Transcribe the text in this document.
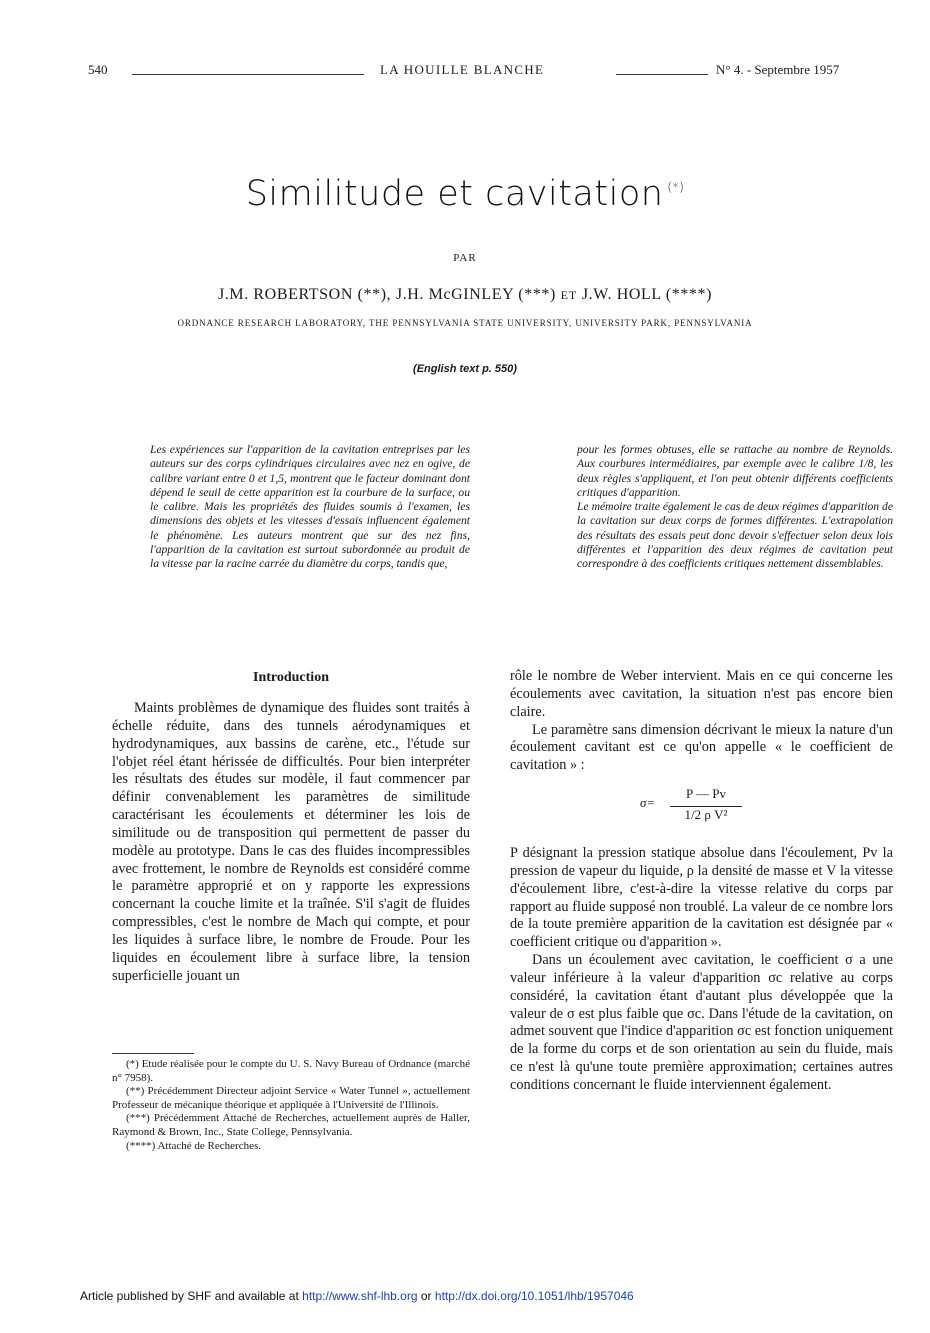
540	LA HOUILLE BLANCHE	N° 4. - Septembre 1957
Similitude et cavitation (*)
PAR
J.M. ROBERTSON (**), J.H. McGINLEY (***) ET J.W. HOLL (****)
ORDNANCE RESEARCH LABORATORY, THE PENNSYLVANIA STATE UNIVERSITY, UNIVERSITY PARK, PENNSYLVANIA
(English text p. 550)

Les expériences sur l'apparition de la cavitation entreprises par les auteurs sur des corps cylindriques circulaires avec nez en ogive, de calibre variant entre 0 et 1,5, montrent que le facteur dominant dont dépend le seuil de cette apparition est la courbure de la surface, ou le calibre. Mais les propriétés des fluides soumis à l'examen, les dimensions des objets et les vitesses d'essais influencent également le phénomène. Les auteurs montrent que sur des nez fins, l'apparition de la cavitation est surtout subordonnée au produit de la vitesse par la racine carrée du diamètre du corps, tandis que,

pour les formes obtuses, elle se rattache au nombre de Reynolds. Aux courbures intermédiaires, par exemple avec le calibre 1/8, les deux règles s'appliquent, et l'on peut obtenir différents coefficients critiques d'apparition.

Le mémoire traite également le cas de deux régimes d'apparition de la cavitation sur deux corps de formes différentes. L'extrapolation des résultats des essais peut donc devoir s'effectuer selon deux lois différentes et l'apparition des deux régimes de cavitation peut correspondre à des coefficients critiques nettement dissemblables.

Introduction

Maints problèmes de dynamique des fluides sont traités à échelle réduite, dans des tunnels aérodynamiques et hydrodynamiques, aux bassins de carène, etc., l'étude sur l'objet réel étant hérissée de difficultés. Pour bien interpréter les résultats des études sur modèle, il faut commencer par définir convenablement les paramètres de similitude caractérisant les écoulements et déterminer les lois de similitude ou de transposition qui permettent de passer du modèle au prototype. Dans le cas des fluides incompressibles avec frottement, le nombre de Reynolds est considéré comme le paramètre approprié et on y rapporte les expressions concernant la couche limite et la traînée. S'il s'agit de fluides compressibles, c'est le nombre de Mach qui compte, et pour les liquides à surface libre, le nombre de Froude. Pour les liquides en écoulement libre à surface libre, la tension superficielle jouant un

rôle le nombre de Weber intervient. Mais en ce qui concerne les écoulements avec cavitation, la situation n'est pas encore bien claire.

Le paramètre sans dimension décrivant le mieux la nature d'un écoulement cavitant est ce qu'on appelle « le coefficient de cavitation » :

σ=
P — Pv
1/2 ρ V²

P désignant la pression statique absolue dans l'écoulement, Pv la pression de vapeur du liquide, ρ la densité de masse et V la vitesse d'écoulement libre, c'est-à-dire la vitesse relative du corps par rapport au fluide supposé non troublé. La valeur de ce nombre lors de la toute première apparition de la cavitation est désignée par « coefficient critique ou d'apparition ».

Dans un écoulement avec cavitation, le coefficient σ a une valeur inférieure à la valeur d'apparition σc relative au corps considéré, la cavitation étant d'autant plus développée que la valeur de σ est plus faible que σc. Dans l'étude de la cavitation, on admet souvent que l'indice d'apparition σc est fonction uniquement de la forme du corps et de son orientation au sein du fluide, mais ce n'est là qu'une toute première approximation; certaines autres conditions concernant le fluide interviennent également.

(*) Etude réalisée pour le compte du U. S. Navy Bureau of Ordnance (marché n° 7958).

(**) Précédemment Directeur adjoint Service « Water Tunnel », actuellement Professeur de mécanique théorique et appliquée à l'Université de l'Illinois.

(***) Précédemment Attaché de Recherches, actuellement auprès de Haller, Raymond & Brown, Inc., State College, Pennsylvania.

(****) Attaché de Recherches.

Article published by SHF and available at http://www.shf-lhb.org or http://dx.doi.org/10.1051/lhb/1957046
